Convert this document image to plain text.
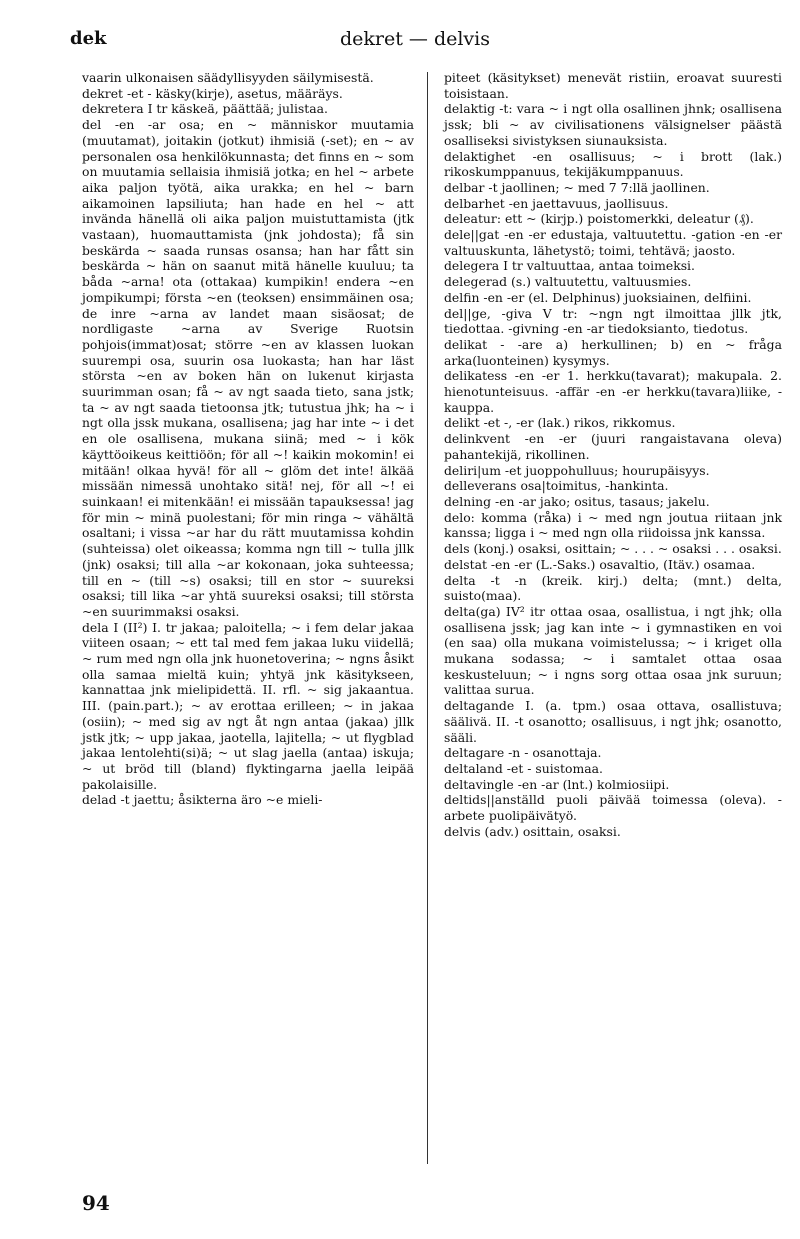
dek	dekret — delvis

vaarin ulkonaisen säädyllisyyden säilymisestä.

dekret -et - käsky(kirje), asetus, määräys.

dekretera I tr käskeä, päättää; julistaa.

del -en -ar osa; en ~ människor muutamia (muutamat), joitakin (jotkut) ihmisiä (-set); en ~ av personalen osa henkilökunnasta; det finns en ~ som on muutamia sellaisia ihmisiä jotka; en hel ~ arbete aika paljon työtä, aika urakka; en hel ~ barn aikamoinen lapsiliuta; han hade en hel ~ att invända hänellä oli aika paljon muistuttamista (jtk vastaan), huomauttamista (jnk johdosta); få sin beskärda ~ saada runsas osansa; han har fått sin beskärda ~ hän on saanut mitä hänelle kuuluu; ta båda ~arna! ota (ottakaa) kumpikin! endera ~en jompikumpi; första ~en (teoksen) ensimmäinen osa; de inre ~arna av landet maan sisäosat; de nordligaste ~arna av Sverige Ruotsin pohjois(immat)osat; större ~en av klassen luokan suurempi osa, suurin osa luokasta; han har läst största ~en av boken hän on lukenut kirjasta suurimman osan; få ~ av ngt saada tieto, sana jstk; ta ~ av ngt saada tietoonsa jtk; tutustua jhk; ha ~ i ngt olla jssk mukana, osallisena; jag har inte ~ i det en ole osallisena, mukana siinä; med ~ i kök käyttöoikeus keittiöön; för all ~! kaikin mokomin! ei mitään! olkaa hyvä! för all ~ glöm det inte! älkää missään nimessä unohtako sitä! nej, för all ~! ei suinkaan! ei mitenkään! ei missään tapauksessa! jag för min ~ minä puolestani; för min ringa ~ vähältä osaltani; i vissa ~ar har du rätt muutamissa kohdin (suhteissa) olet oikeassa; komma ngn till ~ tulla jllk (jnk) osaksi; till alla ~ar kokonaan, joka suhteessa; till en ~ (till ~s) osaksi; till en stor ~ suureksi osaksi; till lika ~ar yhtä suureksi osaksi; till största ~en suurimmaksi osaksi.

dela I (II²) I. tr jakaa; paloitella; ~ i fem delar jakaa viiteen osaan; ~ ett tal med fem jakaa luku viidellä; ~ rum med ngn olla jnk huonetoverina; ~ ngns åsikt olla samaa mieltä kuin; yhtyä jnk käsitykseen, kannattaa jnk mielipidettä. II. rfl. ~ sig jakaantua. III. (pain.part.); ~ av erottaa erilleen; ~ in jakaa (osiin); ~ med sig av ngt åt ngn antaa (jakaa) jllk jstk jtk; ~ upp jakaa, jaotella, lajitella; ~ ut flygblad jakaa lentolehti(si)ä; ~ ut slag jaella (antaa) iskuja; ~ ut bröd till (bland) flyktingarna jaella leipää pakolaisille.

delad -t jaettu; åsikterna äro ~e mieli-

piteet (käsitykset) menevät ristiin, eroavat suuresti toisistaan.

delaktig -t: vara ~ i ngt olla osallinen jhnk; osallisena jssk; bli ~ av civilisationens välsignelser päästä osalliseksi sivistyksen siunauksista.

delaktighet -en osallisuus; ~ i brott (lak.) rikoskumppanuus, tekijäkumppanuus.

delbar -t jaollinen; ~ med 7 7:llä jaollinen.

delbarhet -en jaettavuus, jaollisuus.

deleatur: ett ~ (kirjp.) poistomerkki, deleatur (₰).

dele||gat -en -er edustaja, valtuutettu. -gation -en -er valtuuskunta, lähetystö; toimi, tehtävä; jaosto.

delegera I tr valtuuttaa, antaa toimeksi.

delegerad (s.) valtuutettu, valtuusmies.

delfin -en -er (el. Delphinus) juoksiainen, delfiini.

del||ge, -giva V tr: ~ngn ngt ilmoittaa jllk jtk, tiedottaa. -givning -en -ar tiedoksianto, tiedotus.

delikat - -are a) herkullinen; b) en ~ fråga arka(luonteinen) kysymys.

delikatess -en -er 1. herkku(tavarat); makupala. 2. hienotunteisuus. -affär -en -er herkku(tavara)liike, -kauppa.

delikt -et -, -er (lak.) rikos, rikkomus.

delinkvent -en -er (juuri rangaistavana oleva) pahantekijä, rikollinen.

deliri|um -et juoppohulluus; hourupäisyys.

delleverans osa|toimitus, -hankinta.

delning -en -ar jako; ositus, tasaus; jakelu.

delo: komma (råka) i ~ med ngn joutua riitaan jnk kanssa; ligga i ~ med ngn olla riidoissa jnk kanssa.

dels (konj.) osaksi, osittain; ~ . . . ~ osaksi . . . osaksi.

delstat -en -er (L.-Saks.) osavaltio, (Itäv.) osamaa.

delta -t -n (kreik. kirj.) delta; (mnt.) delta, suisto(maa).

delta(ga) IV² itr ottaa osaa, osallistua, i ngt jhk; olla osallisena jssk; jag kan inte ~ i gymnastiken en voi (en saa) olla mukana voimistelussa; ~ i kriget olla mukana sodassa; ~ i samtalet ottaa osaa keskusteluun; ~ i ngns sorg ottaa osaa jnk suruun; valittaa surua.

deltagande I. (a. tpm.) osaa ottava, osallistuva; säälivä. II. -t osanotto; osallisuus, i ngt jhk; osanotto, sääli.

deltagare -n - osanottaja.

deltaland -et - suistomaa.

deltavinglе -en -ar (lnt.) kolmiosiipi.

deltids||anställd puoli päivää toimessa (oleva). -arbete puolipäivätyö.

delvis (adv.) osittain, osaksi.

94
